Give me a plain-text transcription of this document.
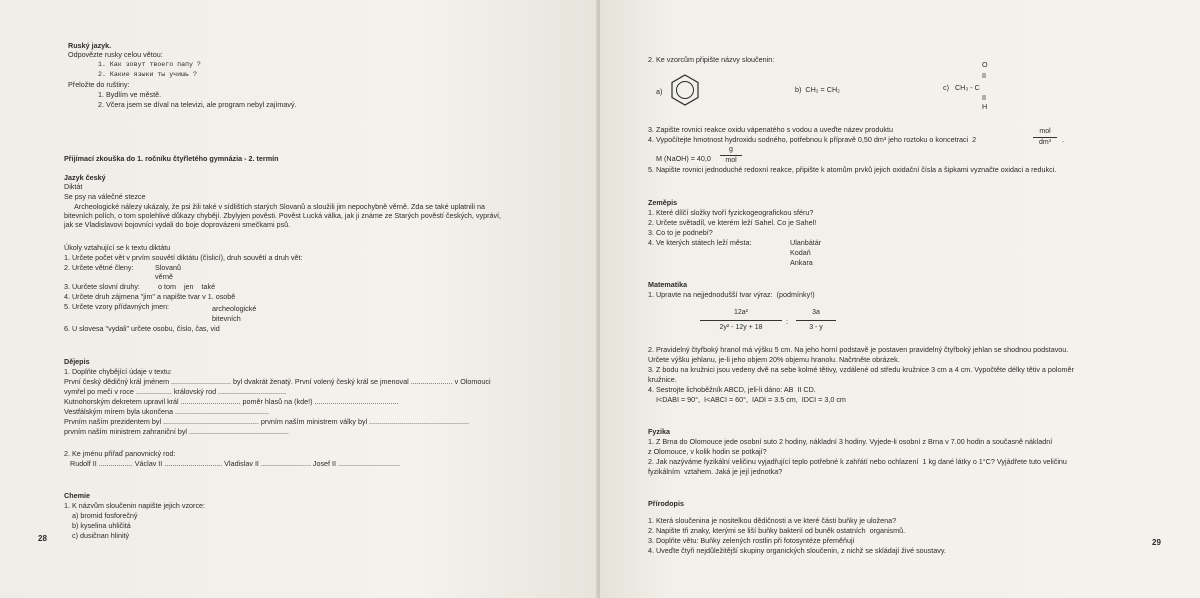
Ruský jazyk.
Odpovězte rusky celou větou:
1. Как зовут твоего папу ?
2. Какие языки ты учишь ?
Přeložte do ruštiny:
1. Bydlím ve městě.
2. Včera jsem se díval na televizi, ale program nebyl zajímavý.
Přijímací zkouška do 1. ročníku čtyřletého gymnázia - 2. termín
Jazyk český
Diktát
Se psy na válečné stezce
Archeologické nálezy ukázaly, že psi žili také v sídlištích starých Slovanů a sloužili jim nepochybně věrně. Zda se také uplatnili na
bitevních polích, o tom spolehlivé důkazy chybějí. Zbylyjen pověsti. Pověst Lucká válka, jak ji známe ze Starých pověstí českých, vypráví,
jak se Vladislavovi bojovníci vydali do boje doprovázeni smečkami psů.
Úkoly vztahující se k textu diktátu
1. Určete počet vět v prvím souvětí diktátu (číslicí), druh souvětí a druh vět:
2. Určete větné členy:	Slovanů
věrně
3. Uurčete slovní druhy:	o tom    jen    také
4. Určete druh zájmena "jim" a napište tvar v 1. osobě
5. Určete vzory přídavných jmen:	archeologické
bitevních
6. U slovesa "vydali" určete osobu, číslo, čas, vid
Dějepis
1. Doplňte chybějící údaje v textu:
První český dědičný král jménem .............................. byl dvakrát ženatý. První volený český král se jmenoval ..................... v Olomouci
vymřel po meči v roce .................. královský rod ..................................
Kutnohorským dekretem upravil král .............................. poměr hlasů na (kde!) ..........................................
Vestfálským mírem byla ukončena ...............................................
Prvním naším prezidentem byl ................................................ prvním naším ministrem války byl ..................................................
prvním naším ministrem zahraniční byl ..................................................
2. Ke jménu přiřaď panovnický rod:
Rudolf II ................. Václav II ............................. Vladislav II ......................... Josef II ...............................
Chemie
1. K názvům sloučenin napište jejich vzorce:
a) bromid fosforečný
b) kyselina uhličitá
c) dusičnan hlinitý
28
2. Ke vzorcům připište názvy sloučenin:
a)	b)  CH₂ = CH₂	c)   CH₃ - C
O
II
II
H
3. Zapište rovnici reakce oxidu vápenatého s vodou a uveďte název produktu
4. Vypočítejte hmotnost hydroxidu sodného, potřebnou k přípravě 0,50 dm³ jeho roztoku o koncetraci  2
mol
dm³	.
M (NaOH) = 40,0
g
mol
5. Napište rovnici jednoduché redoxní reakce, připište k atomům prvků jejich oxidační čísla a šipkami vyznačte oxidaci a redukci.
Zeměpis
1. Které dílčí složky tvoří fyzickogeografickou sféru?
2. Určete světadíl, ve kterém leží Sahel. Co je Sahel!
3. Co to je podnebí?
4. Ve kterých státech leží města:	Ulanbátár
Kodaň
Ankara
Matematika
1. Upravte na nejjednodušší tvar výraz:  (podmínky!)
12a²
2y² - 12y + 18
:
3a
3 - y
2. Pravidelný čtyřboký hranol má výšku 5 cm. Na jeho horní podstavě je postaven pravidelný čtyřboký jehlan se shodnou podstavou.
Určete výšku jehlanu, je-li jeho objem 20% objemu hranolu. Načrtněte obrázek.
3. Z bodu na kružnici jsou vedeny dvě na sebe kolmé tětivy, vzdálené od středu kružnice 3 cm a 4 cm. Vypočtěte délky tětiv a poloměr
kružnice.
4. Sestrojte lichoběžník ABCD, jeli-li dáno: AB  II CD.
I<DABI = 90°,  I<ABCI = 60°,  IADI = 3.5 cm,  IDCI = 3,0 cm
Fyzika
1. Z Brna do Olomouce jede osobní suto 2 hodiny, nákladní 3 hodiny. Vyjede-li osobní z Brna v 7.00 hodin a současně nákladní
z Olomouce, v kolik hodin se potkají?
2. Jak nazýváme fyzikální veličinu vyjadřující teplo potřebné k zahřátí nebo ochlazení  1 kg dané látky o 1°C? Vyjádřete tuto veličinu
fyzikálním  vztahem. Jaká je její jednotka?
Přírodopis
1. Která sloučenina je nositelkou dědičnosti a ve které části buňky je uložena?
2. Napište tři znaky, kterými se liší buňky bakterií od buněk ostatních  organismů.
3. Doplňte větu: Buňky zelených rostlin při fotosyntéze přeměňují
4. Uveďte čtyři nejdůležitější skupiny organických sloučenin, z nichž se skládají živé soustavy.
29
